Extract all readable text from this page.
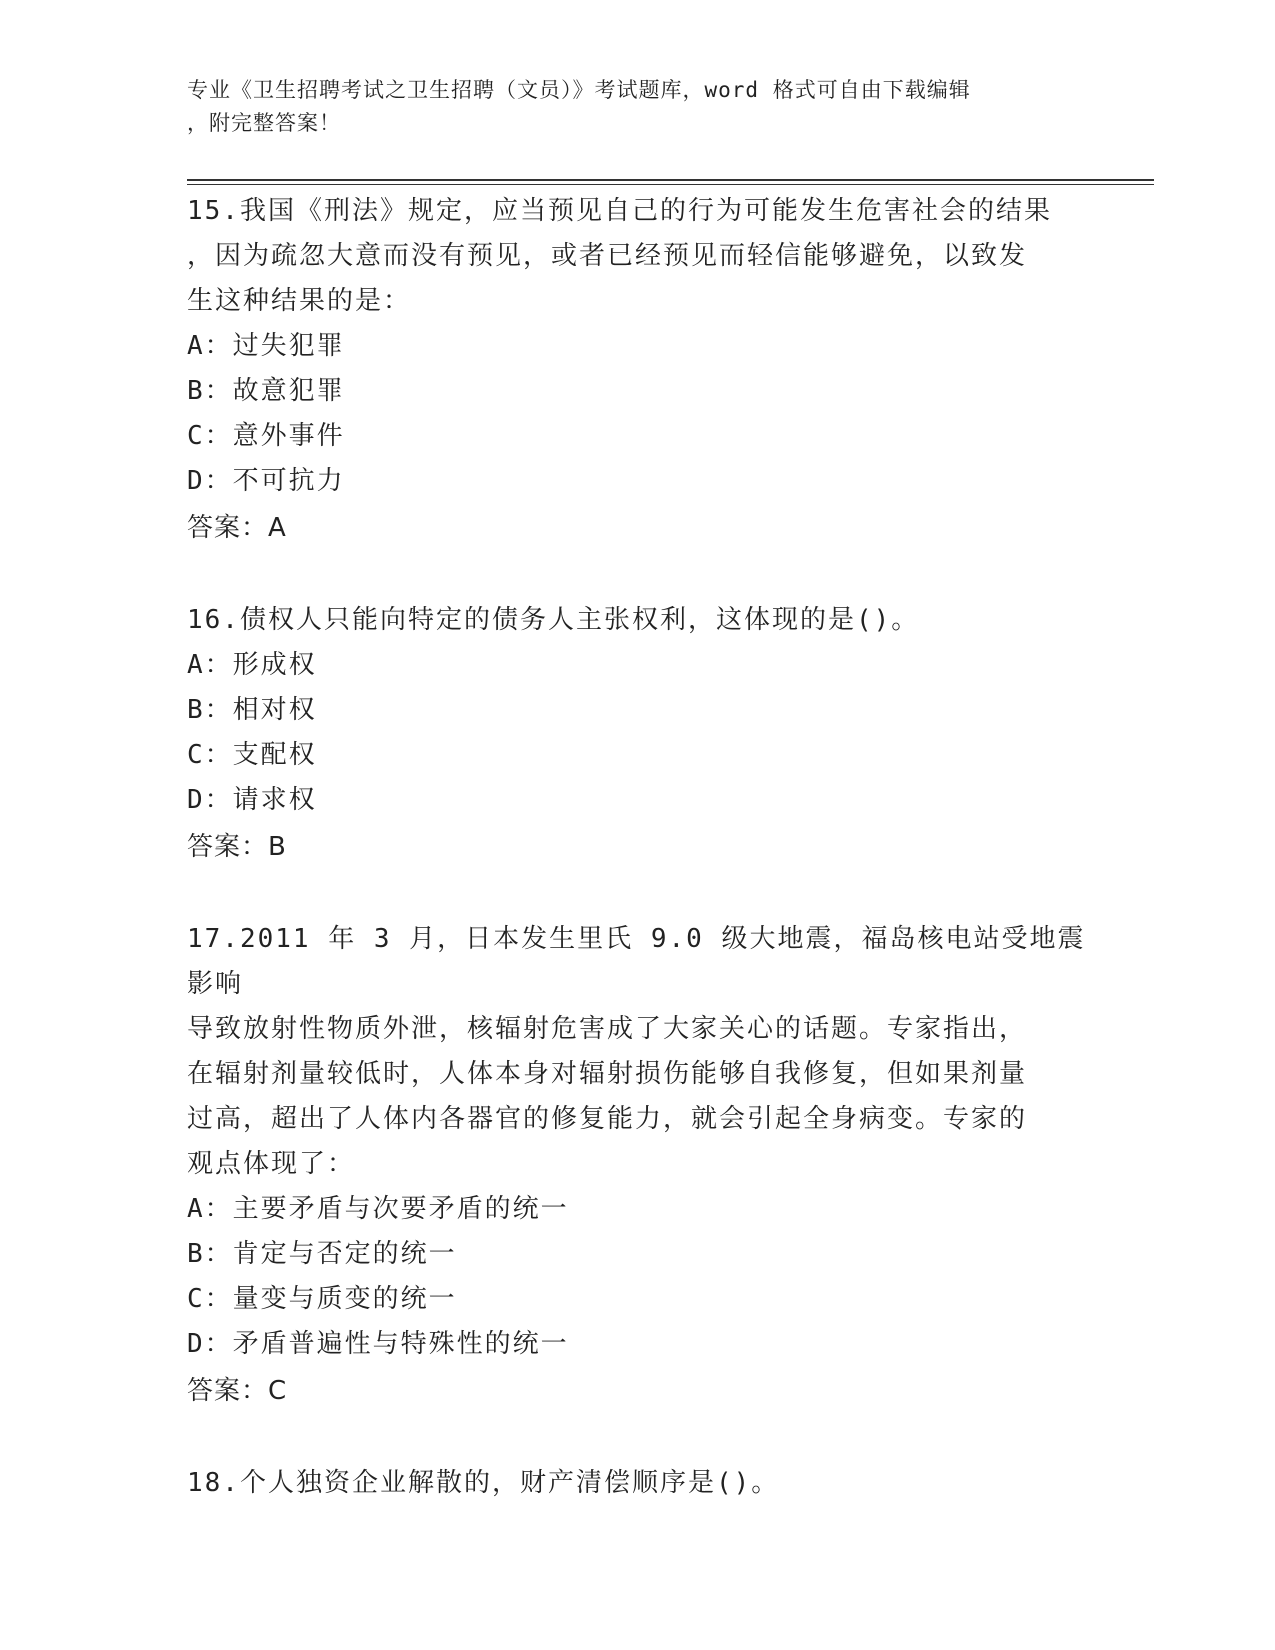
专业《卫生招聘考试之卫生招聘（文员）》考试题库，word 格式可自由下载编辑
，附完整答案！
15.我国《刑法》规定，应当预见自己的行为可能发生危害社会的结果
，因为疏忽大意而没有预见，或者已经预见而轻信能够避免，以致发
生这种结果的是：
A：过失犯罪
B：故意犯罪
C：意外事件
D：不可抗力
答案：A
16.债权人只能向特定的债务人主张权利，这体现的是()。
A：形成权
B：相对权
C：支配权
D：请求权
答案：B
17.2011 年 3 月，日本发生里氏 9.0 级大地震，福岛核电站受地震影响
导致放射性物质外泄，核辐射危害成了大家关心的话题。专家指出，
在辐射剂量较低时，人体本身对辐射损伤能够自我修复，但如果剂量
过高，超出了人体内各器官的修复能力，就会引起全身病变。专家的
观点体现了：
A：主要矛盾与次要矛盾的统一
B：肯定与否定的统一
C：量变与质变的统一
D：矛盾普遍性与特殊性的统一
答案：C
18.个人独资企业解散的，财产清偿顺序是()。
